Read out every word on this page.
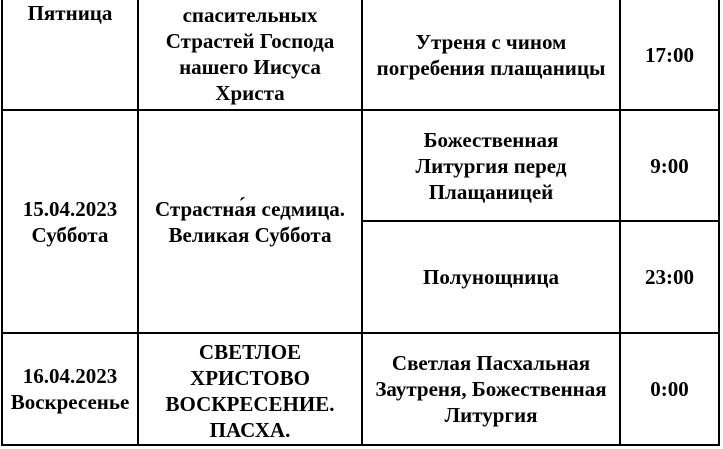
Пятница	спасительных
Страстей Господа
нашего Иисуса
Христа
Утреня с чином
погребения плащаницы
17:00
15.04.2023
Суббота
Страстна́я седмица.
Великая Суббота
Божественная
Литургия перед
Плащаницей
9:00
Полунощница	23:00
16.04.2023
Воскресенье
СВЕТЛОЕ
ХРИСТОВО
ВОСКРЕСЕНИЕ.
ПАСХА.
Светлая Пасхальная
Заутреня, Божественная
Литургия
0:00
